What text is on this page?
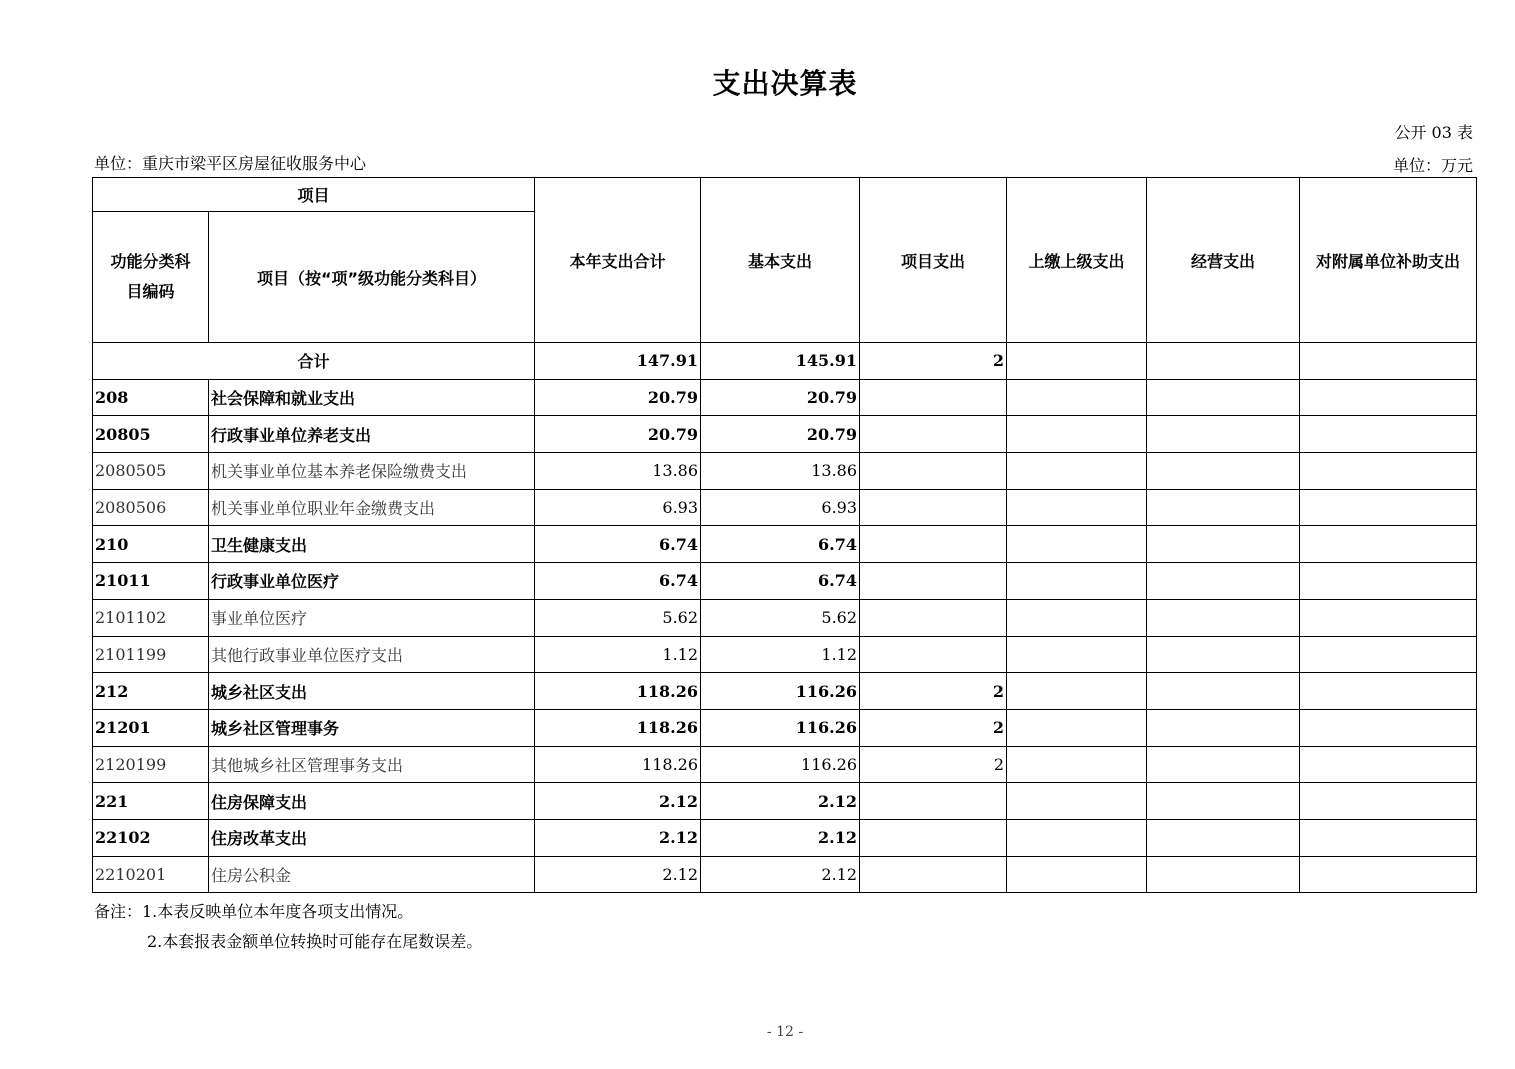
支出决算表
公开 03 表
单位：重庆市梁平区房屋征收服务中心	单位：万元
项目		本年支出合计	基本支出	项目支出	上缴上级支出	经营支出	对附属单位补助支出
功能分类科目编码	项目（按“项”级功能分类科目）						
合计		147.91	145.91	2			
208	社会保障和就业支出	20.79	20.79				
20805	行政事业单位养老支出	20.79	20.79				
2080505	机关事业单位基本养老保险缴费支出	13.86	13.86				
2080506	机关事业单位职业年金缴费支出	6.93	6.93				
210	卫生健康支出	6.74	6.74				
21011	行政事业单位医疗	6.74	6.74				
2101102	事业单位医疗	5.62	5.62				
2101199	其他行政事业单位医疗支出	1.12	1.12				
212	城乡社区支出	118.26	116.26	2			
21201	城乡社区管理事务	118.26	116.26	2			
2120199	其他城乡社区管理事务支出	118.26	116.26	2			
221	住房保障支出	2.12	2.12				
22102	住房改革支出	2.12	2.12				
2210201	住房公积金	2.12	2.12				
备注：1.本表反映单位本年度各项支出情况。
2.本套报表金额单位转换时可能存在尾数误差。
- 12 -
